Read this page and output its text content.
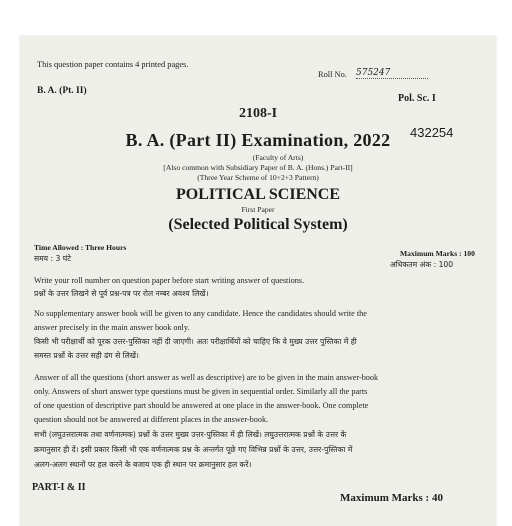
This question paper contains 4 printed pages.
Roll No. 575247
B. A. (Pt. II)
Pol. Sc. I
2108-I
432254
B. A. (Part II) Examination, 2022
(Faculty of Arts)
[Also common with Subsidiary Paper of B. A. (Hons.) Part-II]
(Three Year Scheme of 10+2+3 Pattern)
POLITICAL SCIENCE
First Paper
(Selected Political System)
Time Allowed : Three Hours
समय : 3 घंटे
Maximum Marks : 100
अधिकतम अंक : 100
Write your roll number on question paper before start writing answer of questions.
प्रश्नों के उत्तर लिखने से पूर्व प्रश्न-पत्र पर रोल नम्बर अवश्य लिखें।
No supplementary answer book will be given to any candidate. Hence the candidates should write the
answer precisely in the main answer book only.
किसी भी परीक्षार्थी को पूरक उत्तर-पुस्तिका नहीं दी जाएगी। अतः परीक्षार्थियों को चाहिए कि वे मुख्य उत्तर पुस्तिका में ही
समस्त प्रश्नों के उत्तर सही ढंग से लिखें।
Answer of all the questions (short answer as well as descriptive) are to be given in the main answer-book
only. Answers of short answer type questions must be given in sequential order. Similarly all the parts
of one question of descriptive part should be answered at one place in the answer-book. One complete
question should not be answered at different places in the answer-book.
सभी (लघुउत्तरात्मक तथा वर्णनात्मक) प्रश्नों के उत्तर मुख्य उत्तर-पुस्तिका में ही लिखें। लघुउत्तरात्मक प्रश्नों के उत्तर के
क्रमानुसार ही दें। इसी प्रकार किसी भी एक वर्णनात्मक प्रश्न के अन्तर्गत पूछे गए विभिन्न प्रश्नों के उत्तर, उत्तर-पुस्तिका में
अलग-अलग स्थानों पर हल करने के बजाय एक ही स्थान पर क्रमानुसार हल करें।
PART-I & II
Maximum Marks : 40
